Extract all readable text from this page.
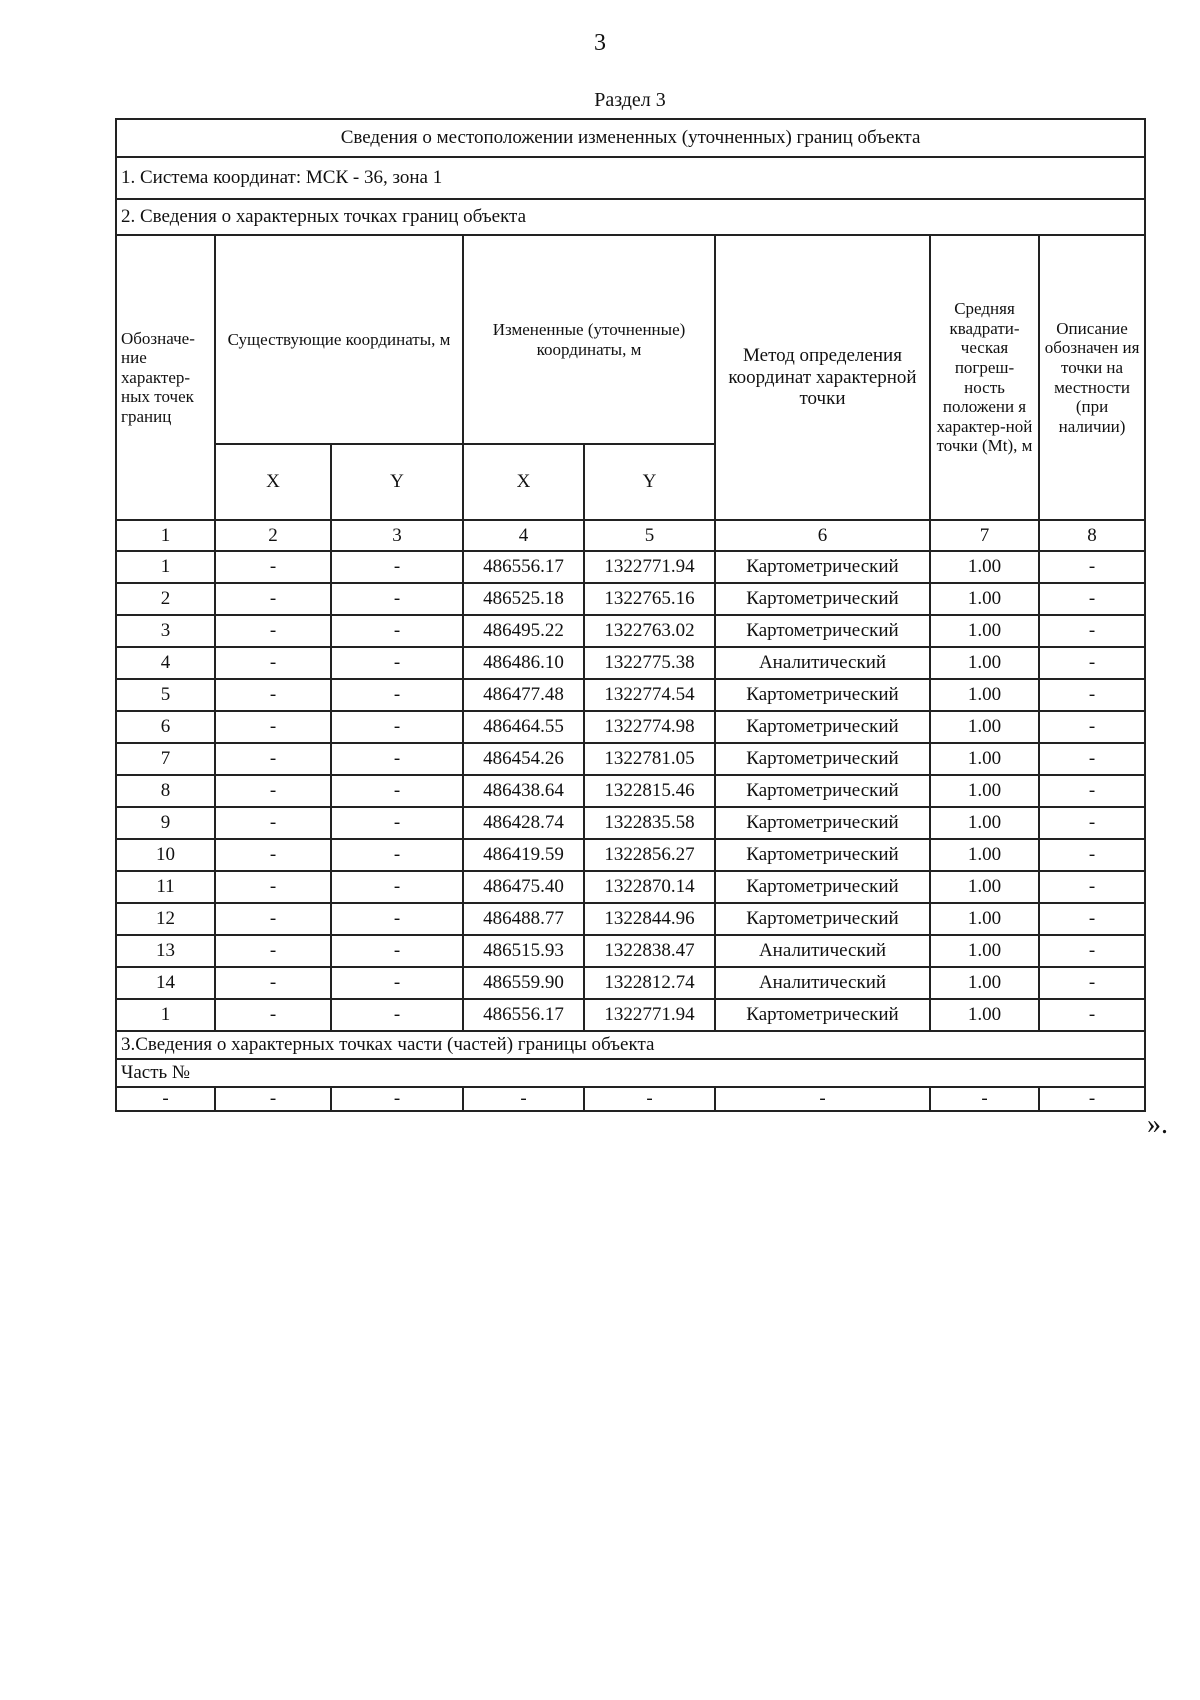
3
Раздел 3
Сведения о местоположении измененных (уточненных) границ объекта							
1. Система координат: МСК - 36, зона 1							
2. Сведения о характерных точках границ объекта							
Обозначе-ние характер-ных точек границ	Существующие координаты, м		Измененные (уточненные) координаты, м		Метод определения координат характерной точки	Средняя квадрати-ческая погреш-ность положени я характер-ной точки (Mt), м	Описание обозначен ия точки на местности (при наличии)
	X	Y	X	Y			
1	2	3	4	5	6	7	8
1	-	-	486556.17	1322771.94	Картометрический	1.00	-
2	-	-	486525.18	1322765.16	Картометрический	1.00	-
3	-	-	486495.22	1322763.02	Картометрический	1.00	-
4	-	-	486486.10	1322775.38	Аналитический	1.00	-
5	-	-	486477.48	1322774.54	Картометрический	1.00	-
6	-	-	486464.55	1322774.98	Картометрический	1.00	-
7	-	-	486454.26	1322781.05	Картометрический	1.00	-
8	-	-	486438.64	1322815.46	Картометрический	1.00	-
9	-	-	486428.74	1322835.58	Картометрический	1.00	-
10	-	-	486419.59	1322856.27	Картометрический	1.00	-
11	-	-	486475.40	1322870.14	Картометрический	1.00	-
12	-	-	486488.77	1322844.96	Картометрический	1.00	-
13	-	-	486515.93	1322838.47	Аналитический	1.00	-
14	-	-	486559.90	1322812.74	Аналитический	1.00	-
1	-	-	486556.17	1322771.94	Картометрический	1.00	-
3.Сведения о характерных точках части (частей) границы объекта							
Часть №							
-	-	-	-	-	-	-	-
».
